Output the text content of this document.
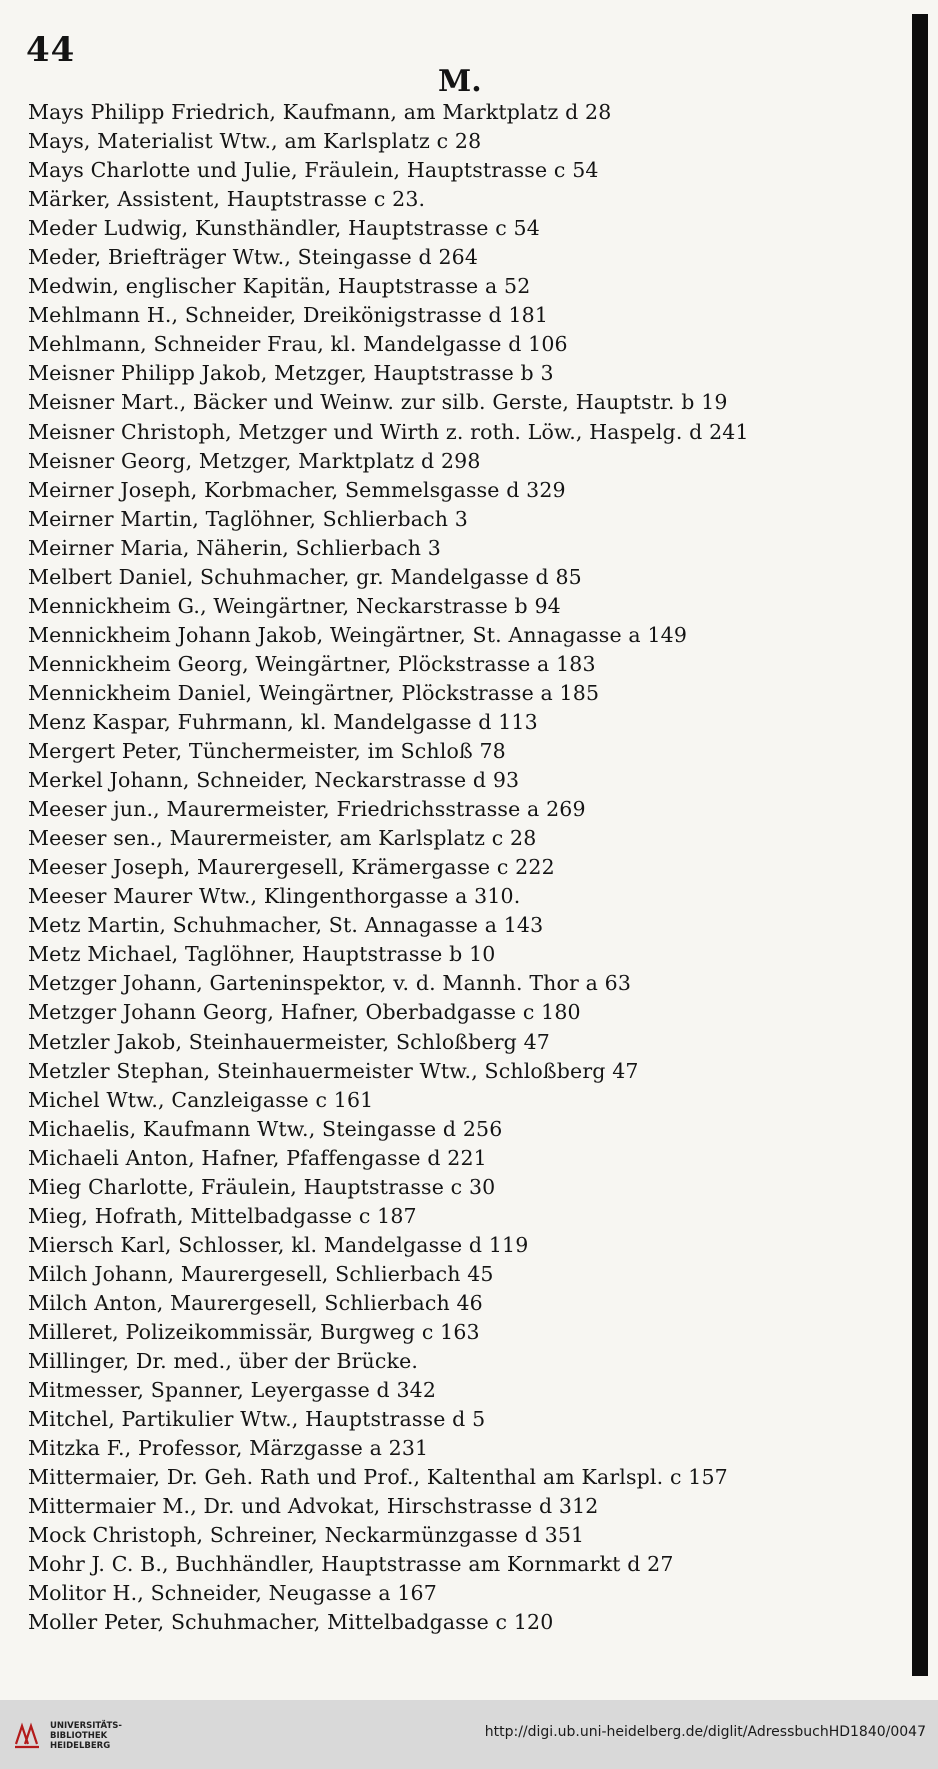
44
M.
Mays Philipp Friedrich, Kaufmann, am Marktplatz d 28
Mays, Materialist Wtw., am Karlsplatz c 28
Mays Charlotte und Julie, Fräulein, Hauptstrasse c 54
Märker, Assistent, Hauptstrasse c 23.
Meder Ludwig, Kunsthändler, Hauptstrasse c 54
Meder, Briefträger Wtw., Steingasse d 264
Medwin, englischer Kapitän, Hauptstrasse a 52
Mehlmann H., Schneider, Dreikönigstrasse d 181
Mehlmann, Schneider Frau, kl. Mandelgasse d 106
Meisner Philipp Jakob, Metzger, Hauptstrasse b 3
Meisner Mart., Bäcker und Weinw. zur silb. Gerste, Hauptstr. b 19
Meisner Christoph, Metzger und Wirth z. roth. Löw., Haspelg. d 241
Meisner Georg, Metzger, Marktplatz d 298
Meirner Joseph, Korbmacher, Semmelsgasse d 329
Meirner Martin, Taglöhner, Schlierbach 3
Meirner Maria, Näherin, Schlierbach 3
Melbert Daniel, Schuhmacher, gr. Mandelgasse d 85
Mennickheim G., Weingärtner, Neckarstrasse b 94
Mennickheim Johann Jakob, Weingärtner, St. Annagasse a 149
Mennickheim Georg, Weingärtner, Plöckstrasse a 183
Mennickheim Daniel, Weingärtner, Plöckstrasse a 185
Menz Kaspar, Fuhrmann, kl. Mandelgasse d 113
Mergert Peter, Tünchermeister, im Schloß 78
Merkel Johann, Schneider, Neckarstrasse d 93
Meeser jun., Maurermeister, Friedrichsstrasse a 269
Meeser sen., Maurermeister, am Karlsplatz c 28
Meeser Joseph, Maurergesell, Krämergasse c 222
Meeser Maurer Wtw., Klingenthorgasse a 310.
Metz Martin, Schuhmacher, St. Annagasse a 143
Metz Michael, Taglöhner, Hauptstrasse b 10
Metzger Johann, Garteninspektor, v. d. Mannh. Thor a 63
Metzger Johann Georg, Hafner, Oberbadgasse c 180
Metzler Jakob, Steinhauermeister, Schloßberg 47
Metzler Stephan, Steinhauermeister Wtw., Schloßberg 47
Michel Wtw., Canzleigasse c 161
Michaelis, Kaufmann Wtw., Steingasse d 256
Michaeli Anton, Hafner, Pfaffengasse d 221
Mieg Charlotte, Fräulein, Hauptstrasse c 30
Mieg, Hofrath, Mittelbadgasse c 187
Miersch Karl, Schlosser, kl. Mandelgasse d 119
Milch Johann, Maurergesell, Schlierbach 45
Milch Anton, Maurergesell, Schlierbach 46
Milleret, Polizeikommissär, Burgweg c 163
Millinger, Dr. med., über der Brücke.
Mitmesser, Spanner, Leyergasse d 342
Mitchel, Partikulier Wtw., Hauptstrasse d 5
Mitzka F., Professor, Märzgasse a 231
Mittermaier, Dr. Geh. Rath und Prof., Kaltenthal am Karlspl. c 157
Mittermaier M., Dr. und Advokat, Hirschstrasse d 312
Mock Christoph, Schreiner, Neckarmünzgasse d 351
Mohr J. C. B., Buchhändler, Hauptstrasse am Kornmarkt d 27
Molitor H., Schneider, Neugasse a 167
Moller Peter, Schuhmacher, Mittelbadgasse c 120
UNIVERSITÄTS-
BIBLIOTHEK
HEIDELBERG
http://digi.ub.uni-heidelberg.de/diglit/AdressbuchHD1840/0047
